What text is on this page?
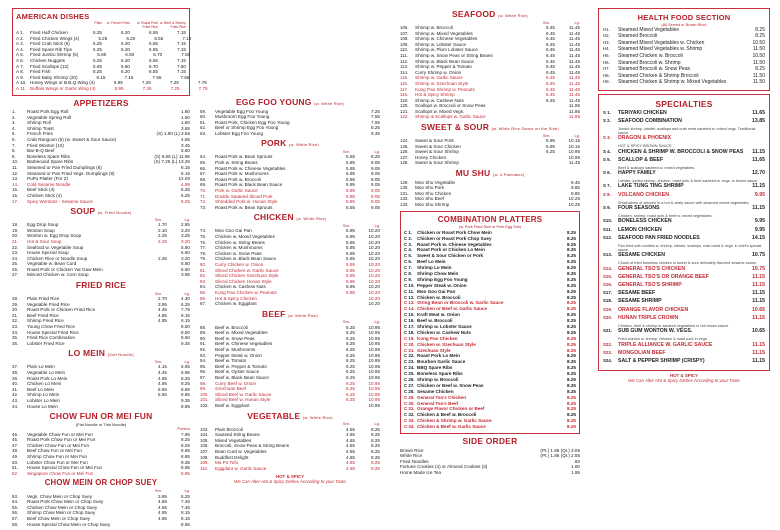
AMERICAN DISHES
Plain	w. French Fries	w. Roast Pork Fried Rice
w. Beef & Shrimp Fried Rice
A 1.	Fried Half Chicken	5.25	6.20	6.55	7.15
A 2.	Fried Chicken Wings (4)	5.25	6.20	6.55	7.15
A 3.	Fried Crab Stick (5)	5.25	6.20	6.55	7.15
A 4.	Fried Spare Rib Tips	5.25	6.20	6.55	7.15
A 5.	Fried Jumbo Shrimp (5)	5.65	6.50	6.70	7.50
A 6.	Chicken Nuggets	5.25	6.20	6.55	7.15
A 7.	Fried Scallops (12)	5.65	6.50	6.70	7.50
A 8.	Fried Fish	5.25	6.20	6.55	7.15
A 9.	Fried Baby Shrimp (20)	6.15	7.15	7.55	7.65
A 10. Honey Wings or B.B.Q Wing (4)	5.95	7.25	7.25	7.75
A 11. Buffalo Wings or Garlic Wing (4)	5.95	7.25	7.25	7.75
APPETIZERS
1.	Roast Pork Egg Roll	1.60
2.	Vegetable Spring Roll	1.50
3.	Shrimp Roll	1.60
4.	Shrimp Toast	3.55
5.	French Fries	(S) 1.90 (L) 3.55
6.	Crab Rangoon (8) (w. Sweet & Sour Sauce)	4.55
7.	Fried Wonton (10)	3.45
8.	Bar-B-Q Beef	5.60
9.	Boneless Spare Ribs	(S) 6.65 (L) 11.95
10.	Barbecued Spare Ribs	(S) 7.25 (L) 13.25
11.	Steamed or Pan Fried Dumplings (8)	6.15
12.	Steamed or Pan Fried Vegs. Dumplings (8)	6.15
13.	PuPu Platter (For 2)	12.00
14.	Cold Sesame Noodle	4.95
15.	Beef Stick (4)	6.25
16.	Chicken Stick (4)	5.25
17.	Spicy Wontons - Sesame Sauce	5.25
SOUP (w. Fried Noodle)
Sm.	Lg.
18.	Egg Drop Soup	1.70	2.85
19.	Wonton Soup	2.10	3.20
20.	Wonton w. Egg Drop Soup	2.25	3.25
21.	Hot & Sour Soup	2.25	3.20
22.	Seafood w. Vegetable Soup	5.60
23.	House Special Soup	5.60
24.	Chicken Rice or Noodle Soup	2.25	3.20
25.	Vegetable w. Bean Curd	5.60
26.	Roast Pork or Chicken Yat Gaw Mein	5.60
27.	Minced Chicken w. Corn Soup	3.95
FRIED RICE
Sm.	Lg.
28.	Plain Fried Rice	2.70	4.30
29.	Vegetable Fried Rice	3.95	6.25
30.	Roast Pork or Chicken Fried Rice	4.45	7.75
31.	Beef Fried Rice	4.85	8.15
32.	Shrimp Fried Rice	4.85	8.15
33.	Young Chow Fried Rice	8.50
34.	House Special Fried Rice	8.50
35.	Fried Rice Combination	8.50
36.	Lobster Fried Rice	9.35
LO MEIN (Soft Noodle)
Sm.	Lg.
37.	Plain Lo Mein	4.15	6.65
38.	Vegetable Lo Mein	4.45	6.95
39.	Roast Pork Lo Mein	4.95	8.25
40.	Chicken Lo Mein	4.95	8.25
41.	Beef Lo Mein	5.55	8.85
42.	Shrimp Lo Mein	5.55	8.85
43.	Lobster Lo Mein	9.35
44.	House Lo Mein	8.95
CHOW FUN OR MEI FUN
(Flat Noodle or Thin Noodle)
Portion
45.	Vegetable Chow Fun or Mei Fun	7.95
46.	Roast Pork Chow Fun or Mei Fun	8.25
47.	Chicken Chow Fun or Mei Fun	8.25
48.	Beef Chow Fun or Mei Fun	8.85
49.	Shrimp Chow Fun or Mei Fun	8.85
50.	Lobster Chow Fun or Mei Fun	9.35
51.	House Special Chow Fun or Mei Fun	8.95
52.	Singapore Chow Fun or Mei Fun	8.95
CHOW MEIN OR CHOP SUEY
Sm.	Lg.
53.	Vegs. Chow Mein or Chop Suey	3.95	6.25
54.	Roast Pork Chow Mein or Chop Suey	4.55	7.45
55.	Chicken Chow Mein or Chop Suey	4.55	7.45
56.	Shrimp Chow Mein or Chop Suey	4.95	8.15
57.	Beef Chow Mein or Chop Suey	4.95	8.15
58.	House Special Chow Mein or Chop Suey	8.65
EGG FOO YOUNG (w. White Rice)
59.	Vegetable Egg Foo Young	7.25
60.	Mushroom Egg Foo Young	7.55
61.	Roast Pork, Chicken Egg Foo Young	7.95
62.	Beef or Shrimp Egg Foo Young	8.25
63.	Lobster Egg Foo Young	9.35
PORK (w. White Rice)
Sm.	Lg.
64.	Roast Pork w. Bean Sprouts	5.55	8.25
65.	Pork w. String Beans	5.95	9.05
66.	Roast Pork w. Chinese Vegetables	5.95	9.05
67.	Roast Pork w. Mushrooms	5.95	9.05
68.	Roast Pork w. Broccoli	5.95	9.05
69.	Roast Pork w. Black Bean Sauce	5.95	9.05
70.	Pork w. Garlic Sauce	5.95	9.05
71.	Double Sauteed Sliced Pork	5.95	9.05
72.	Shredded Pork w. Hunan Style	5.95	9.05
73.	Roast Pork w. Bean Sprouts	5.55	9.05
CHICKEN (w. White Rice)
Sm.	Lg.
74.	Moo Goo Gai Pan	5.95	10.20
75.	Chicken w. Mixed Vegetables	5.95	10.20
76.	Chicken w. String Beans	5.95	10.20
77.	Chicken w. Mushrooms	5.95	10.20
78.	Chicken w. Snow Peas	5.95	10.20
79.	Chicken w. Black Bean Sauce	5.95	10.20
80.	Curry Chicken w. Onion	5.95	10.20
81.	Sliced Chicken w. Garlic Sauce	5.95	10.20
82.	Sliced Chicken Szechuan Style	5.95	10.20
83.	Sliced Chicken Hunan Style	5.95	10.20
84.	Chicken w. Cashew Nuts	5.95	10.20
85.	Kung Pao Chicken w. Peanuts	5.95	10.20
86.	Hot & Spicy Chicken	10.20
87.	Chicken w. Eggplant	10.20
BEEF (w. White Rice)
Sm.	Lg.
88.	Beef w. Broccoli	6.25	10.95
89.	Beef w. Mixed Vegetables	6.25	10.95
90.	Beef w. Snow Peas	6.25	10.95
91.	Beef w. Chinese Vegetables	6.25	10.95
92.	Beef w. Mushrooms	6.25	10.95
93.	Pepper Steak w. Onion	6.25	10.95
94.	Beef w. Tomato	6.25	10.95
95.	Beef w. Pepper & Tomato	6.25	10.95
96.	Beef w. Oyster Sauce	6.25	10.95
97.	Beef w. Black Bean Sauce	6.25	10.95
98.	Curry Beef w. Onion	6.25	10.95
99.	Szechuan Beef	6.25	10.95
100.	Sliced Beef w. Garlic Sauce	6.25	10.95
101.	Sliced Beef w. Hunan Style	6.25	10.95
102.	Beef w. Eggplant	10.95
VEGETABLE (w. White Rice)
Sm.	Lg.
103.	Plain Broccoli	4.65	8.25
104.	Sauteed String Beans	4.65	8.25
105.	Mixed Vegetables	4.65	8.25
106.	Broccoli, Snow Peas & String Beans	4.65	8.25
107.	Bean Curd w. Vegetables	4.65	8.25
108.	Buddhist Delight	4.65	8.25
109.	Ma Po Tofu	4.65	8.25
110.	Eggplant w. Garlic Sauce	4.65	8.25
HOT & SPICY
We Can Alter Hot & Spicy Dishes According to your Taste
SEAFOOD (w. White Rice)
Sm.	Lg.
106.	Shrimp w. Broccoli	6.45	11.45
107.	Shrimp w. Mixed Vegetables	6.45	11.45
108.	Shrimp w. Chinese Vegetables	6.45	11.45
109.	Shrimp w. Lobster Sauce	6.45	11.45
110.	Shrimp w. Plum Lobster Sauce	6.45	11.45
111.	Shrimp w. Snow Peas or String Beans	6.45	11.45
112.	Shrimp w. Black Bean Sauce	6.45	11.45
113.	Shrimp w. Pepper & Tomato	6.45	11.45
114.	Curry Shrimp w. Onion	6.45	11.45
115.	Shrimp w. Garlic Sauce	6.45	11.45
116.	Shrimp w. Szechuan Style	6.45	11.45
117.	Kung Pao Shrimp w. Peanuts	6.45	11.45
118.	Hot & Spicy Shrimp	6.45	11.45
119.	Shrimp w. Cashew Nuts	6.45	11.45
120.	Scallops w. Broccoli or Snow Peas	11.95
121.	Scallops w. Mixed Vegs.	11.95
122.	Shrimp & Scallops w. Garlic Sauce	11.95
SWEET & SOUR (w. White Rice Sauce on the Side)
Sm.	Lg.
124.	Sweet & Sour Pork	5.95	10.15
125.	Sweet & Sour Chicken	5.95	10.15
126.	Sweet & Sour Shrimp	6.25	10.95
127.	Honey Chicken	10.95
128.	Sweet & Sour Shrimp	11.45
MU SHU (w. 4 Pancakes)
129.	Moo Shu Vegetable	9.45
130.	Moo Shu Pork	9.85
131.	Moo Shu Chicken	9.85
132.	Moo Shu Beef	10.25
133.	Moo Shu Shrimp	10.25
COMBINATION PLATTERS
(w. Pork Fried Rice or Pork Egg Roll)
C 1.	Chicken or Roast Pork Chow Mein	8.25
C 2.	Chicken or Roast Pork Chop Suey	8.25
C 3.	Roast Pork w. Chinese Vegetables	8.25
C 4.	Roast Pork or Chicken Lo Mein	8.25
C 5.	Sweet & Sour Chicken or Pork	8.25
C 6.	Beef Lo Mein	8.25
C 7.	Shrimp Lo Mein	8.25
C 8.	Shrimp Chow Mein	8.25
C 9.	Shrimp Egg Foo Young	8.25
C 10. Pepper Steak w. Onion	8.25
C 11. Moo Goo Gai Pan	8.25
C 12. Chicken w. Broccoli	8.25
C 13. String Bean or Broccoli w. Garlic Sauce	8.25
C 14. Chicken or Beef w. Garlic Sauce	8.25
C 15. Kraft Meat w. Onion	8.25
C 16. Beef w. Broccoli	8.25
C 17. Shrimp w. Lobster Sauce	8.25
C 18. Chicken w. Cashew Nuts	8.25
C 19. Kung Pao Chicken	8.25
C 20. Chicken w. Szechuan Style	8.25
C 21. Szechuan Style	8.25
C 22. Roast Pork Lo Mein	8.25
C 23. Bourbon Garlic Sauce	8.25
C 24. BBQ Spare Ribs	8.25
C 25. Boneless Spare Ribs	8.25
C 26. Shrimp w. Broccoli	8.25
C 27. Chicken or Beef w. Snow Peas	8.25
C 28. Sesame Chicken	8.25
C 29. General Tso's Chicken	8.25
C 30. General Tso's Beef	8.25
C 31. Orange Flavor Chicken or Beef	8.25
C 32. Chicken & Beef w. Broccoli	8.25
C 33. Chicken & Shrimp w. Garlic Sauce	8.25
C 34. Chicken & Beef w. Garlic Sauce	8.25
SIDE ORDER
Brown Rice	(Pt.) 1.95 (Qt.) 3.05
White Rice	(Pt.) 1.85 (Qt.) 2.85
Fried Noodles	.60
Fortune Cookies (4) or Almond Cookies (3)	1.00
Home Made Ice Tea	1.95
HEALTH FOOD SECTION
(All Served w. Brown Rice)
H1.	Steamed Mixed Vegetables	8.25
H2.	Steamed Broccoli	8.25
H3.	Steamed Mixed Vegetables w. Chicken	10.50
H4.	Steamed Mixed Vegetables w. Shrimp	11.50
H5.	Steamed Chicken w. Broccoli	10.50
H6.	Steamed Broccoli w. Shrimp	11.50
H7.	Steamed Broccoli w. Snow Peas	8.25
H8.	Steamed Chicken & Shrimp Broccoli	11.50
H9.	Steamed Chicken & Shrimp w. Mixed Vegetables	11.50
SPECIALTIES
S 1.	TERIYAKI CHICKEN	11.65
S 2.	SEAFOOD COMBINATION	13.85
Jumbo shrimp, lobster, scallops and crab meat sauteed w. mixed vegs. Traditional sauce.
S 3.	DRAGON & PHOENIX
HOT & SPICY BROWN SAUCE
S 4.	CHICKEN & SHRIMP W. BROCCOLI & SNOW PEAS	11.15
S 5.	SCALLOP & BEEF	11.65
Beef & scallops sauteed w. mixed vegetables.
S 6.	HAPPY FAMILY	12.70
Lobster, jumbo shrimp, chicken, roast pork & beef sauteed w. vegs. in brown sauce.
S 7.	LAKE TUNG TING SHRIMP	11.15
S 8.	VOLCANO CHICKEN	9.95
Small slices of chicken in a hot & zesty sauce with steamed mixed vegetables.
S 9.	FOUR SEASONS	11.15
Chicken, shrimp, roast pork & beef w. mixed vegetables.
S10.	BONELESS CHICKEN	9.95
S11.	LEMON CHICKEN	9.95
S12.	SEAFOOD PAN FRIED NOODLES	14.15
Pan fried soft noodles w. shrimp, lobster, scallops, crab meat & vegs. in chef's special sauce.
S13.	SESAME CHICKEN	10.75
Chunk of fried boneless chicken in sweet & sour delicately flavored sesame sauce.
S14.	GENERAL TSO'S CHICKEN	10.75
S15.	GENERAL TSO'S OR ORANGE BEEF	11.15
S16.	GENERAL TSO'S SHRIMP	11.15
S17.	SESAME BEEF	11.15
S18.	SESAME SHRIMP	11.15
S19.	ORANGE FLAVOR CHICKEN	10.65
S20.	HUNAN TRIPLE CROWN	11.15
Chicken, beef & shrimp in sauteed vegetables in hot brown sauce.
S21.	SUB GUM WONTON W. VEGS.	10.65
Fried wonton w. shrimp, chicken & roast pork in vegs.
S22.	TRIPLE ALLIANCE W. GARLIC SAUCE	11.15
S23.	MONGOLIAN BEEF	11.15
S24.	SALT & PEPPER SHRIMP (CRISPY)	11.15
HOT & SPICY
We Can Alter Hot & Spicy Dishes According to your Taste
